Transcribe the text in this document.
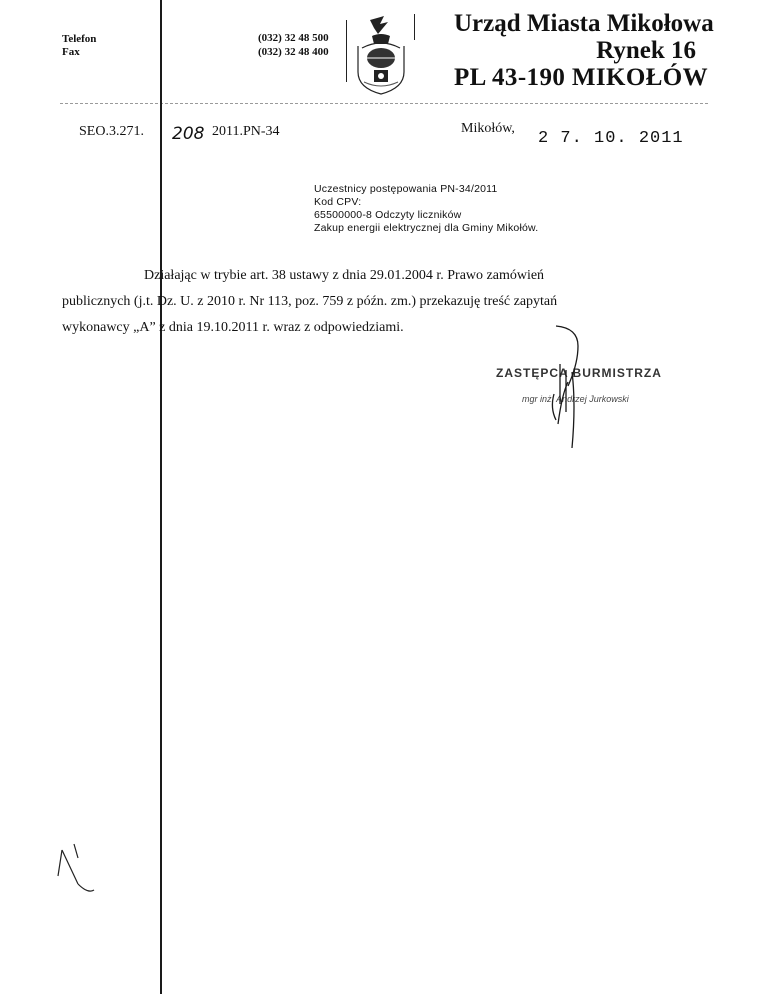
Telefon
Fax
(032) 32 48 500
(032) 32 48 400
Urząd Miasta Mikołowa
Rynek 16
PL 43-190 MIKOŁÓW
SEO.3.271. 208 2011.PN-34	Mikołów,
2 7. 10. 2011
Uczestnicy postępowania PN-34/2011
Kod CPV:
65500000-8 Odczyty liczników
Zakup energii elektrycznej dla Gminy Mikołów.
Działając w trybie art. 38 ustawy z dnia 29.01.2004 r. Prawo zamówień
publicznych (j.t. Dz. U. z 2010 r. Nr 113, poz. 759 z późn. zm.) przekazuję treść zapytań
wykonawcy „A” z dnia 19.10.2011 r. wraz z odpowiedziami.
ZASTĘPCA BURMISTRZA
mgr inż. Andrzej Jurkowski
